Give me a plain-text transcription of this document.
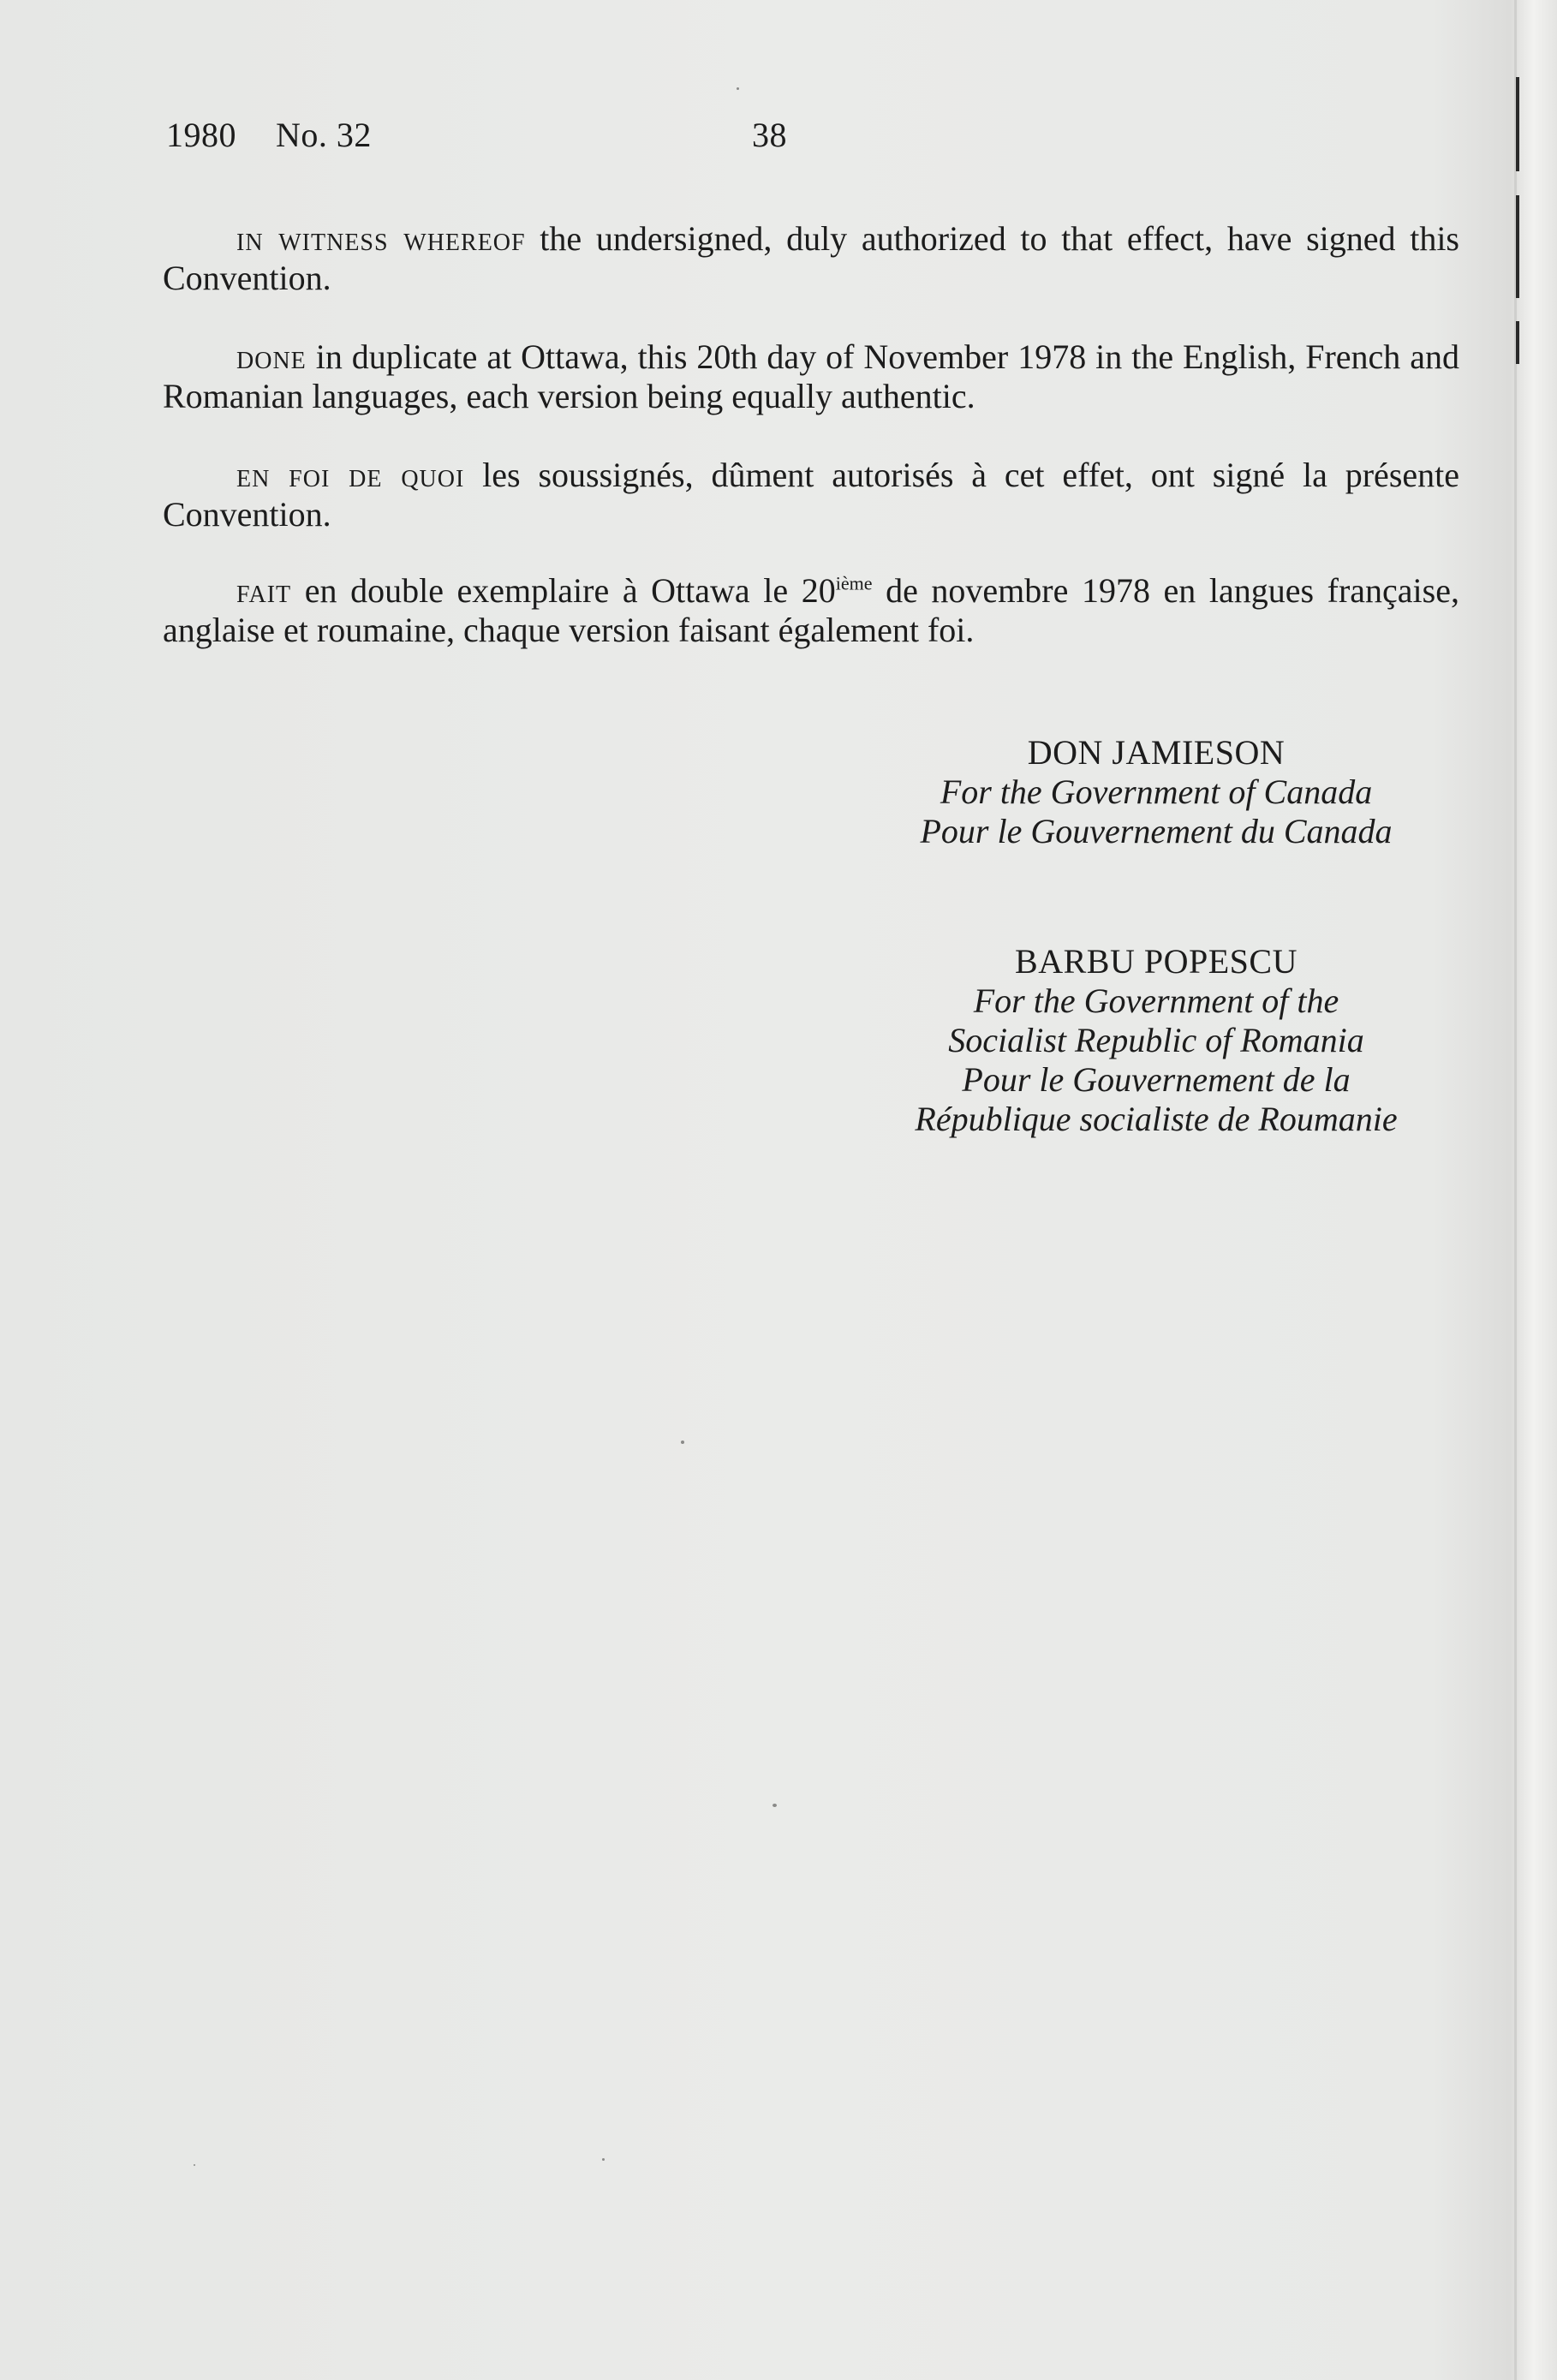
1980 No. 32	38
in witness whereof the undersigned, duly authorized to that effect, have signed this Convention.
done in duplicate at Ottawa, this 20th day of November 1978 in the English, French and Romanian languages, each version being equally authentic.
en foi de quoi les soussignés, dûment autorisés à cet effet, ont signé la présente Convention.
fait en double exemplaire à Ottawa le 20ième de novembre 1978 en langues française, anglaise et roumaine, chaque version faisant également foi.
DON JAMIESON
For the Government of Canada
Pour le Gouvernement du Canada
BARBU POPESCU
For the Government of the
Socialist Republic of Romania
Pour le Gouvernement de la
République socialiste de Roumanie
